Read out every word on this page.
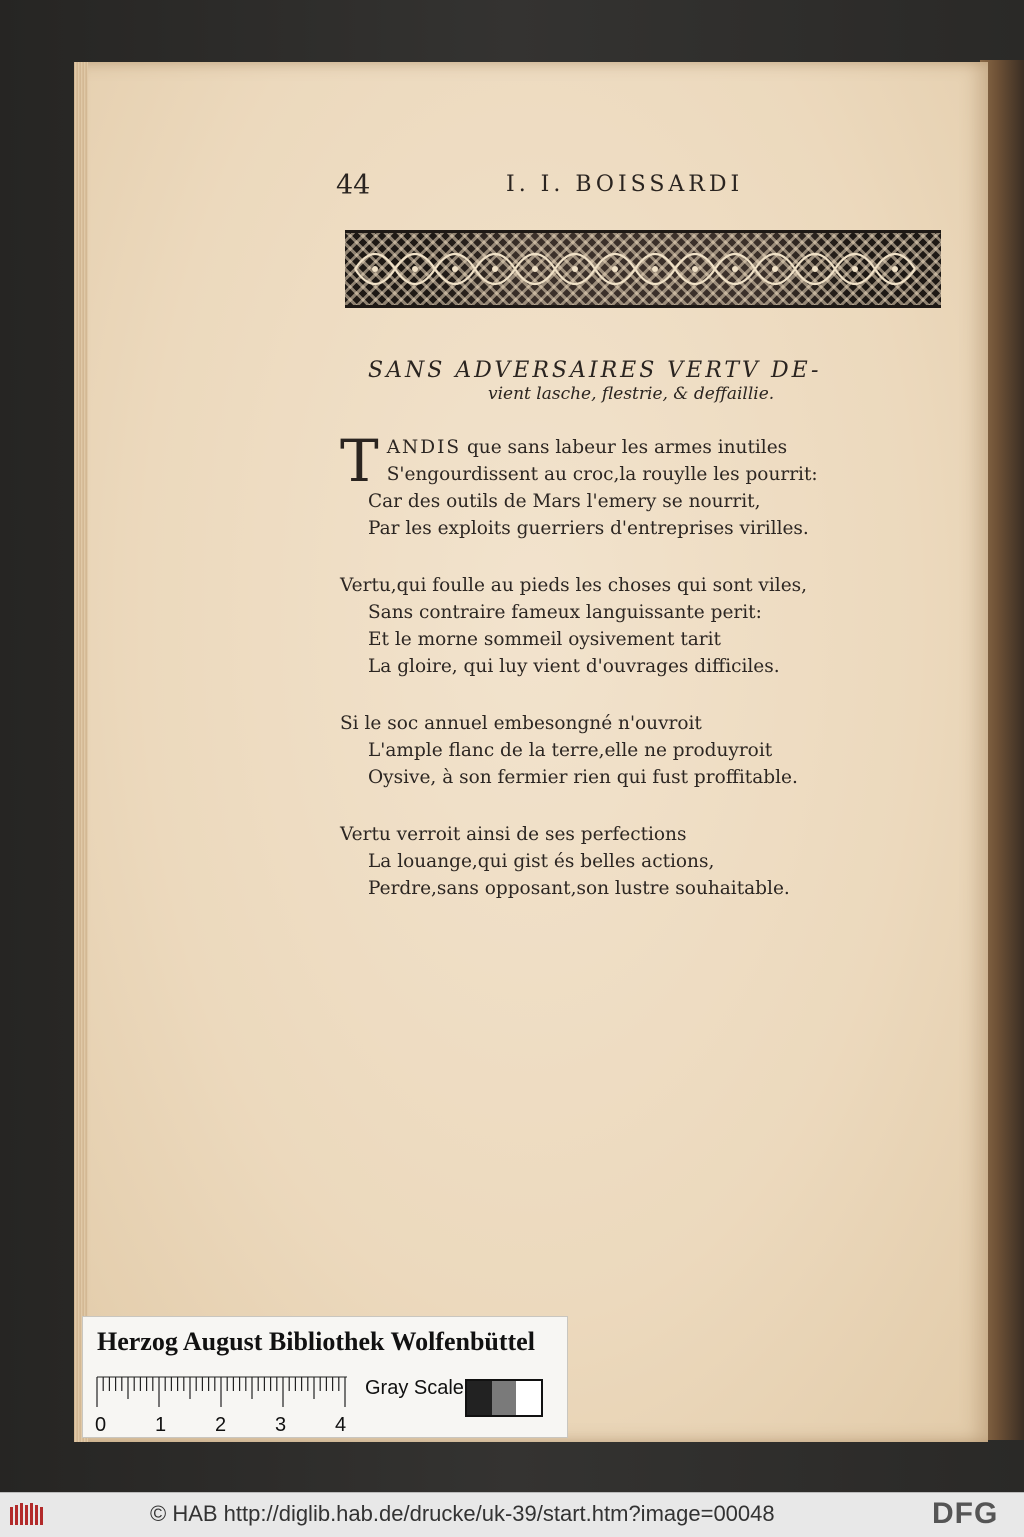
44	I. I. BOISSARDI
SANS ADVERSAIRES VERTV DE-
vient lasche, flestrie, & deffaillie.
T ANDIS que sans labeur les armes inutiles
S'engourdissent au croc,la rouylle les pourrit:
Car des outils de Mars l'emery se nourrit,
Par les exploits guerriers d'entreprises virilles.
Vertu,qui foulle au pieds les choses qui sont viles,
Sans contraire fameux languissante perit:
Et le morne sommeil oysivement tarit
La gloire, qui luy vient d'ouvrages difficiles.
Si le soc annuel embesongné n'ouvroit
L'ample flanc de la terre,elle ne produyroit
Oysive, à son fermier rien qui fust proffitable.
Vertu verroit ainsi de ses perfections
La louange,qui gist és belles actions,
Perdre,sans opposant,son lustre souhaitable.
Herzog August Bibliothek Wolfenbüttel
0 1 2 3 4
Gray Scale
© HAB http://diglib.hab.de/drucke/uk-39/start.htm?image=00048	DFG
